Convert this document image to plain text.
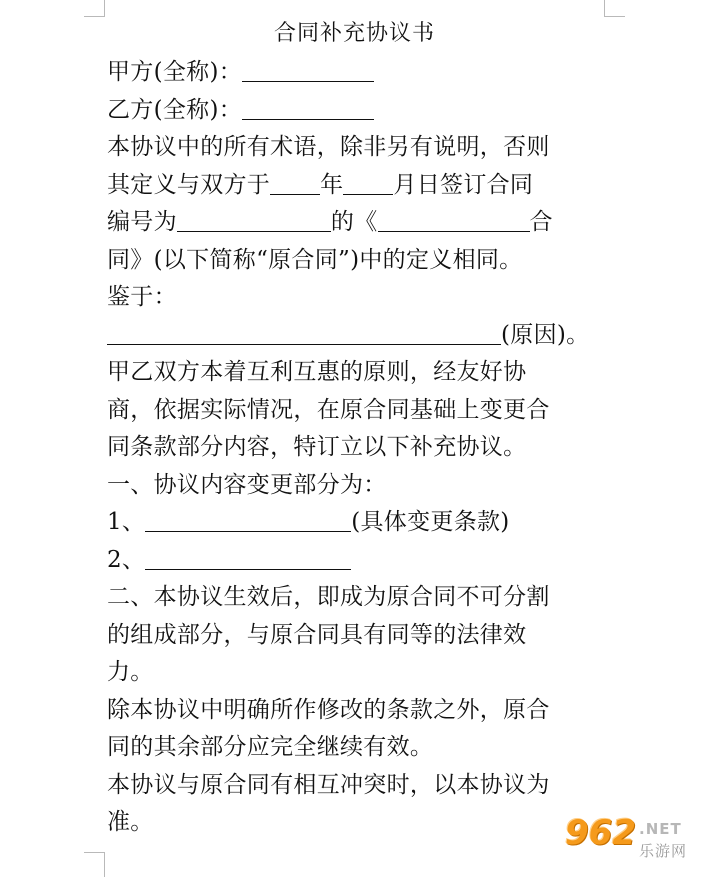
合同补充协议书
甲方(全称)：
乙方(全称)：
本协议中的所有术语，除非另有说明，否则
其定义与双方于 年 月日签订合同
编号为	的《	合
同》(以下简称“原合同”)中的定义相同。
鉴于：
(原因)。
甲乙双方本着互利互惠的原则，经友好协
商，依据实际情况，在原合同基础上变更合
同条款部分内容，特订立以下补充协议。
一、协议内容变更部分为：
1、	(具体变更条款)
2、
二、本协议生效后，即成为原合同不可分割
的组成部分，与原合同具有同等的法律效
力。
除本协议中明确所作修改的条款之外，原合
同的其余部分应完全继续有效。
本协议与原合同有相互冲突时，以本协议为
准。	962 .NET
乐游网
